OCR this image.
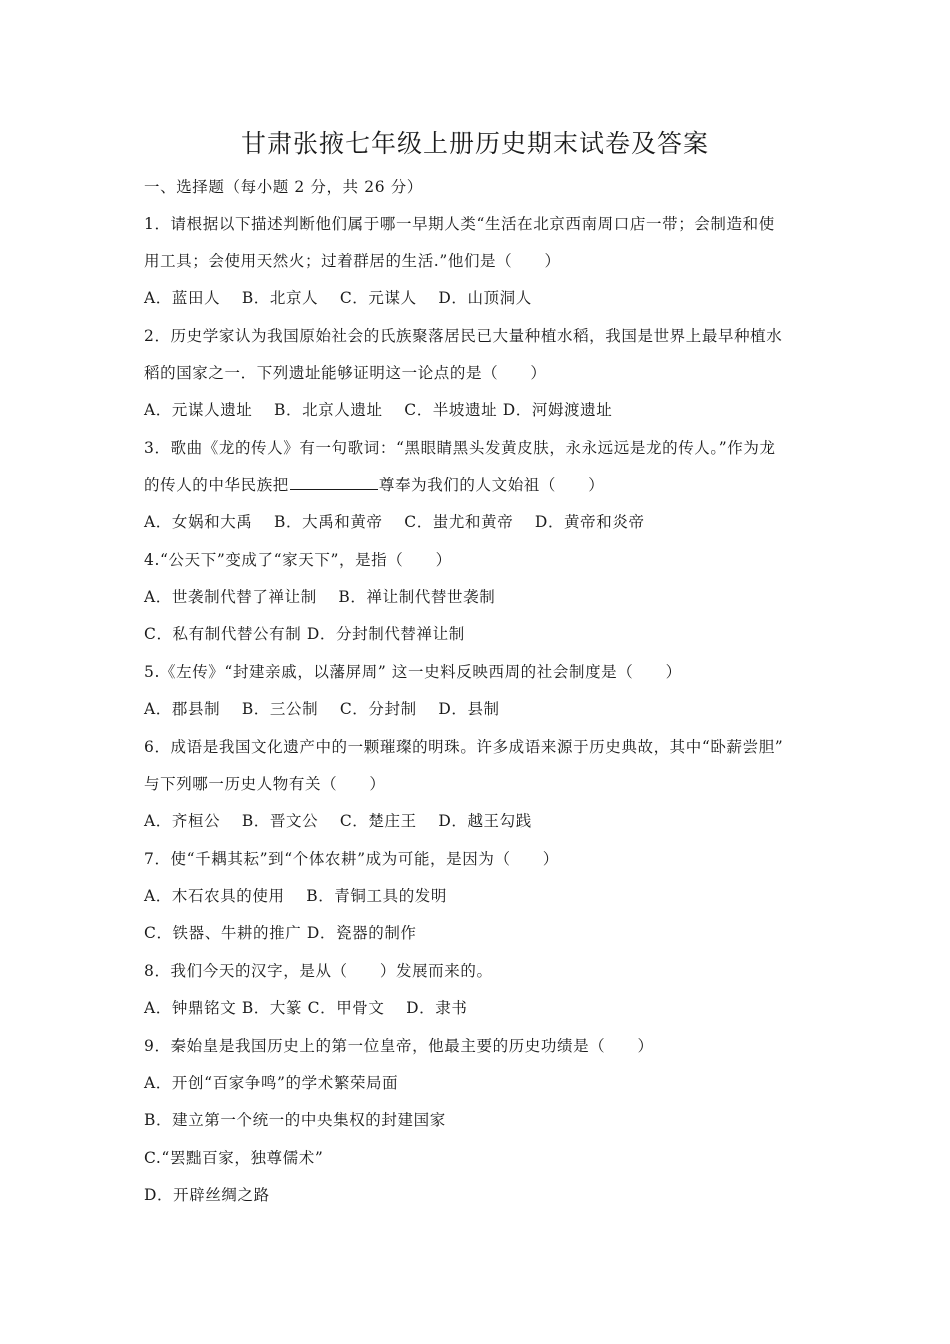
甘肃张掖七年级上册历史期末试卷及答案
一、选择题（每小题 2 分，共 26 分）
1．请根据以下描述判断他们属于哪一早期人类“生活在北京西南周口店一带；会制造和使
用工具；会使用天然火；过着群居的生活.”他们是（　　）
A．蓝田人　 B．北京人　 C．元谋人　 D．山顶洞人
2．历史学家认为我国原始社会的氏族聚落居民已大量种植水稻，我国是世界上最早种植水
稻的国家之一．下列遗址能够证明这一论点的是（　　）
A．元谋人遗址　 B．北京人遗址　 C．半坡遗址 D．河姆渡遗址
3．歌曲《龙的传人》有一句歌词：“黑眼睛黑头发黄皮肤，永永远远是龙的传人。”作为龙
的传人的中华民族把	尊奉为我们的人文始祖（　　）
A．女娲和大禹　 B．大禹和黄帝　 C．蚩尤和黄帝　 D．黄帝和炎帝
4.“公天下”变成了“家天下”，是指（　　）
A．世袭制代替了禅让制　 B．禅让制代替世袭制
C．私有制代替公有制 D．分封制代替禅让制
5.《左传》“封建亲戚，以藩屏周” 这一史料反映西周的社会制度是（　　）
A．郡县制　 B．三公制　 C．分封制　 D．县制
6．成语是我国文化遗产中的一颗璀璨的明珠。许多成语来源于历史典故，其中“卧薪尝胆”
与下列哪一历史人物有关（　　）
A．齐桓公　 B．晋文公　 C．楚庄王　 D．越王勾践
7．使“千耦其耘”到“个体农耕”成为可能，是因为（　　）
A．木石农具的使用　 B．青铜工具的发明
C．铁器、牛耕的推广 D．瓷器的制作
8．我们今天的汉字，是从（　　）发展而来的。
A．钟鼎铭文 B．大篆 C．甲骨文　 D．隶书
9．秦始皇是我国历史上的第一位皇帝，他最主要的历史功绩是（　　）
A．开创“百家争鸣”的学术繁荣局面
B．建立第一个统一的中央集权的封建国家
C.“罢黜百家，独尊儒术”
D．开辟丝绸之路
